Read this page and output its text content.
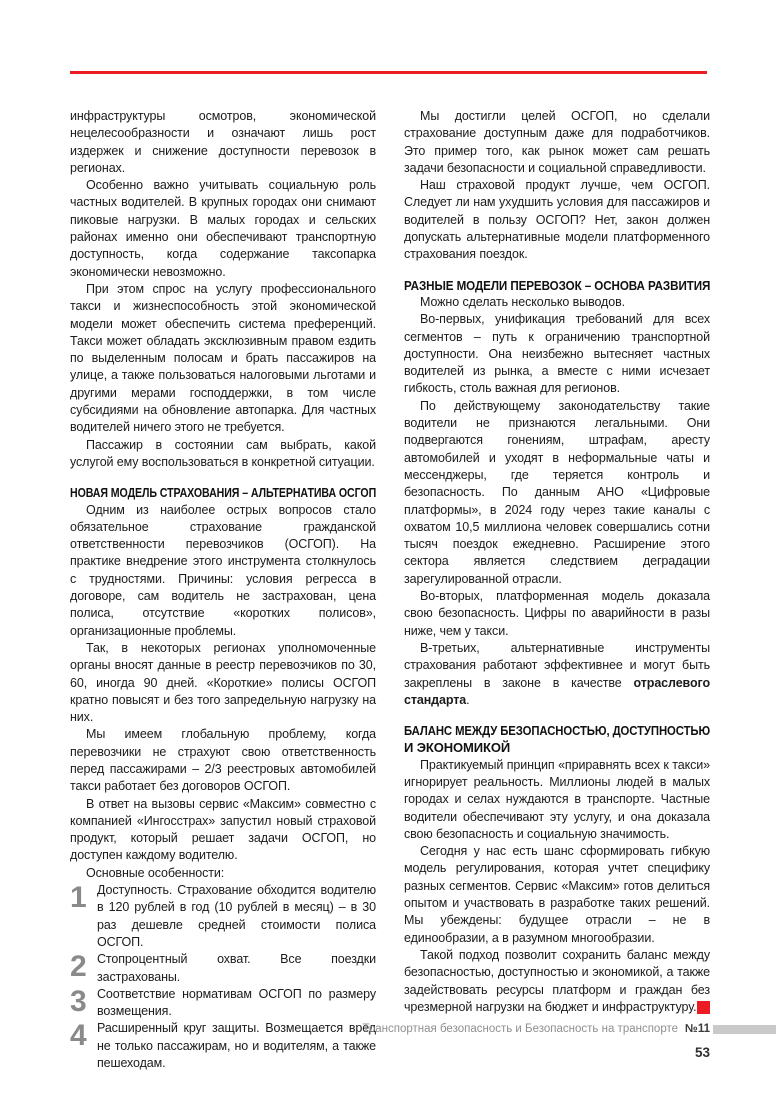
инфраструктуры осмотров, экономической нецелесообразности и означают лишь рост издержек и снижение доступности перевозок в регионах.

Особенно важно учитывать социальную роль частных водителей. В крупных городах они снимают пиковые нагрузки. В малых городах и сельских районах именно они обеспечивают транспортную доступность, когда содержание таксопарка экономически невозможно.

При этом спрос на услугу профессионального такси и жизнеспособность этой экономической модели может обеспечить система преференций. Такси может обладать эксклюзивным правом ездить по выделенным полосам и брать пассажиров на улице, а также пользоваться налоговыми льготами и другими мерами господдержки, в том числе субсидиями на обновление автопарка. Для частных водителей ничего этого не требуется.

Пассажир в состоянии сам выбрать, какой услугой ему воспользоваться в конкретной ситуации.

НОВАЯ МОДЕЛЬ СТРАХОВАНИЯ – АЛЬТЕРНАТИВА ОСГОП

Одним из наиболее острых вопросов стало обязательное страхование гражданской ответственности перевозчиков (ОСГОП). На практике внедрение этого инструмента столкнулось с трудностями. Причины: условия регресса в договоре, сам водитель не застрахован, цена полиса, отсутствие «коротких полисов», организационные проблемы.

Так, в некоторых регионах уполномоченные органы вносят данные в реестр перевозчиков по 30, 60, иногда 90 дней. «Короткие» полисы ОСГОП кратно повысят и без того запредельную нагрузку на них.

Мы имеем глобальную проблему, когда перевозчики не страхуют свою ответственность перед пассажирами – 2/3 реестровых автомобилей такси работает без договоров ОСГОП.

В ответ на вызовы сервис «Максим» совместно с компанией «Ингосстрах» запустил новый страховой продукт, который решает задачи ОСГОП, но доступен каждому водителю.

Основные особенности:

1 Доступность. Страхование обходится водителю в 120 рублей в год (10 рублей в месяц) – в 30 раз дешевле средней стоимости полиса ОСГОП.
2 Стопроцентный охват. Все поездки застрахованы.
3 Соответствие нормативам ОСГОП по размеру возмещения.
4 Расширенный круг защиты. Возмещается вред не только пассажирам, но и водителям, а также пешеходам.

Мы достигли целей ОСГОП, но сделали страхование доступным даже для подработчиков. Это пример того, как рынок может сам решать задачи безопасности и социальной справедливости.

Наш страховой продукт лучше, чем ОСГОП. Следует ли нам ухудшить условия для пассажиров и водителей в пользу ОСГОП? Нет, закон должен допускать альтернативные модели платформенного страхования поездок.

РАЗНЫЕ МОДЕЛИ ПЕРЕВОЗОК – ОСНОВА РАЗВИТИЯ

Можно сделать несколько выводов.

Во-первых, унификация требований для всех сегментов – путь к ограничению транспортной доступности. Она неизбежно вытесняет частных водителей из рынка, а вместе с ними исчезает гибкость, столь важная для регионов.

По действующему законодательству такие водители не признаются легальными. Они подвергаются гонениям, штрафам, аресту автомобилей и уходят в неформальные чаты и мессенджеры, где теряется контроль и безопасность. По данным АНО «Цифровые платформы», в 2024 году через такие каналы с охватом 10,5 миллиона человек совершались сотни тысяч поездок ежедневно. Расширение этого сектора является следствием деградации зарегулированной отрасли.

Во-вторых, платформенная модель доказала свою безопасность. Цифры по аварийности в разы ниже, чем у такси.

В-третьих, альтернативные инструменты страхования работают эффективнее и могут быть закреплены в законе в качестве отраслевого стандарта.

БАЛАНС МЕЖДУ БЕЗОПАСНОСТЬЮ, ДОСТУПНОСТЬЮ
И ЭКОНОМИКОЙ

Практикуемый принцип «приравнять всех к такси» игнорирует реальность. Миллионы людей в малых городах и селах нуждаются в транспорте. Частные водители обеспечивают эту услугу, и она доказала свою безопасность и социальную значимость.

Сегодня у нас есть шанс сформировать гибкую модель регулирования, которая учтет специфику разных сегментов. Сервис «Максим» готов делиться опытом и участвовать в разработке таких решений. Мы убеждены: будущее отрасли – не в единообразии, а в разумном многообразии.

Такой подход позволит сохранить баланс между безопасностью, доступностью и экономикой, а также задействовать ресурсы платформ и граждан без чрезмерной нагрузки на бюджет и инфраструктуру.

Транспортная безопасность и Безопасность на транспорте №11
53
